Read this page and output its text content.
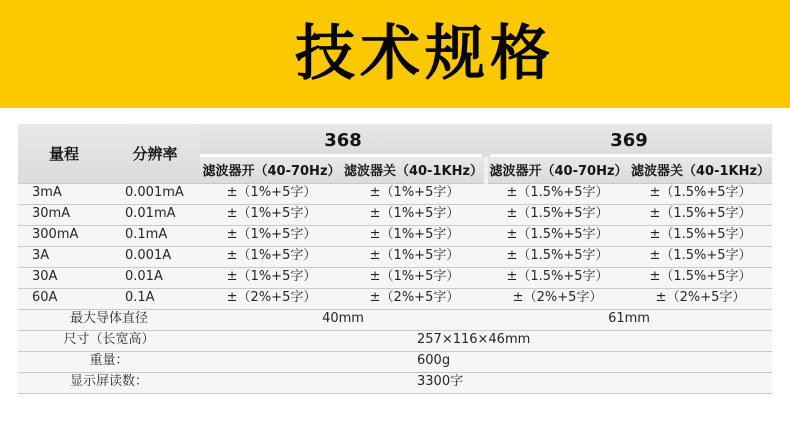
技术规格
量程	分辨率	368		369	
		滤波器开（40-70Hz）	滤波器关（40-1KHz）	滤波器开（40-70Hz）	滤波器关（40-1KHz）
3mA	0.001mA	±（1%+5字）	±（1%+5字）	±（1.5%+5字）	±（1.5%+5字）
30mA	0.01mA	±（1%+5字）	±（1%+5字）	±（1.5%+5字）	±（1.5%+5字）
300mA	0.1mA	±（1%+5字）	±（1%+5字）	±（1.5%+5字）	±（1.5%+5字）
3A	0.001A	±（1%+5字）	±（1%+5字）	±（1.5%+5字）	±（1.5%+5字）
30A	0.01A	±（1%+5字）	±（1%+5字）	±（1.5%+5字）	±（1.5%+5字）
60A	0.1A	±（2%+5字）	±（2%+5字）	±（2%+5字）	±（2%+5字）
最大导体直径		40mm		61mm	
尺寸（长宽高）		257×116×46mm			
重量：		600g			
显示屏读数：		3300字			
